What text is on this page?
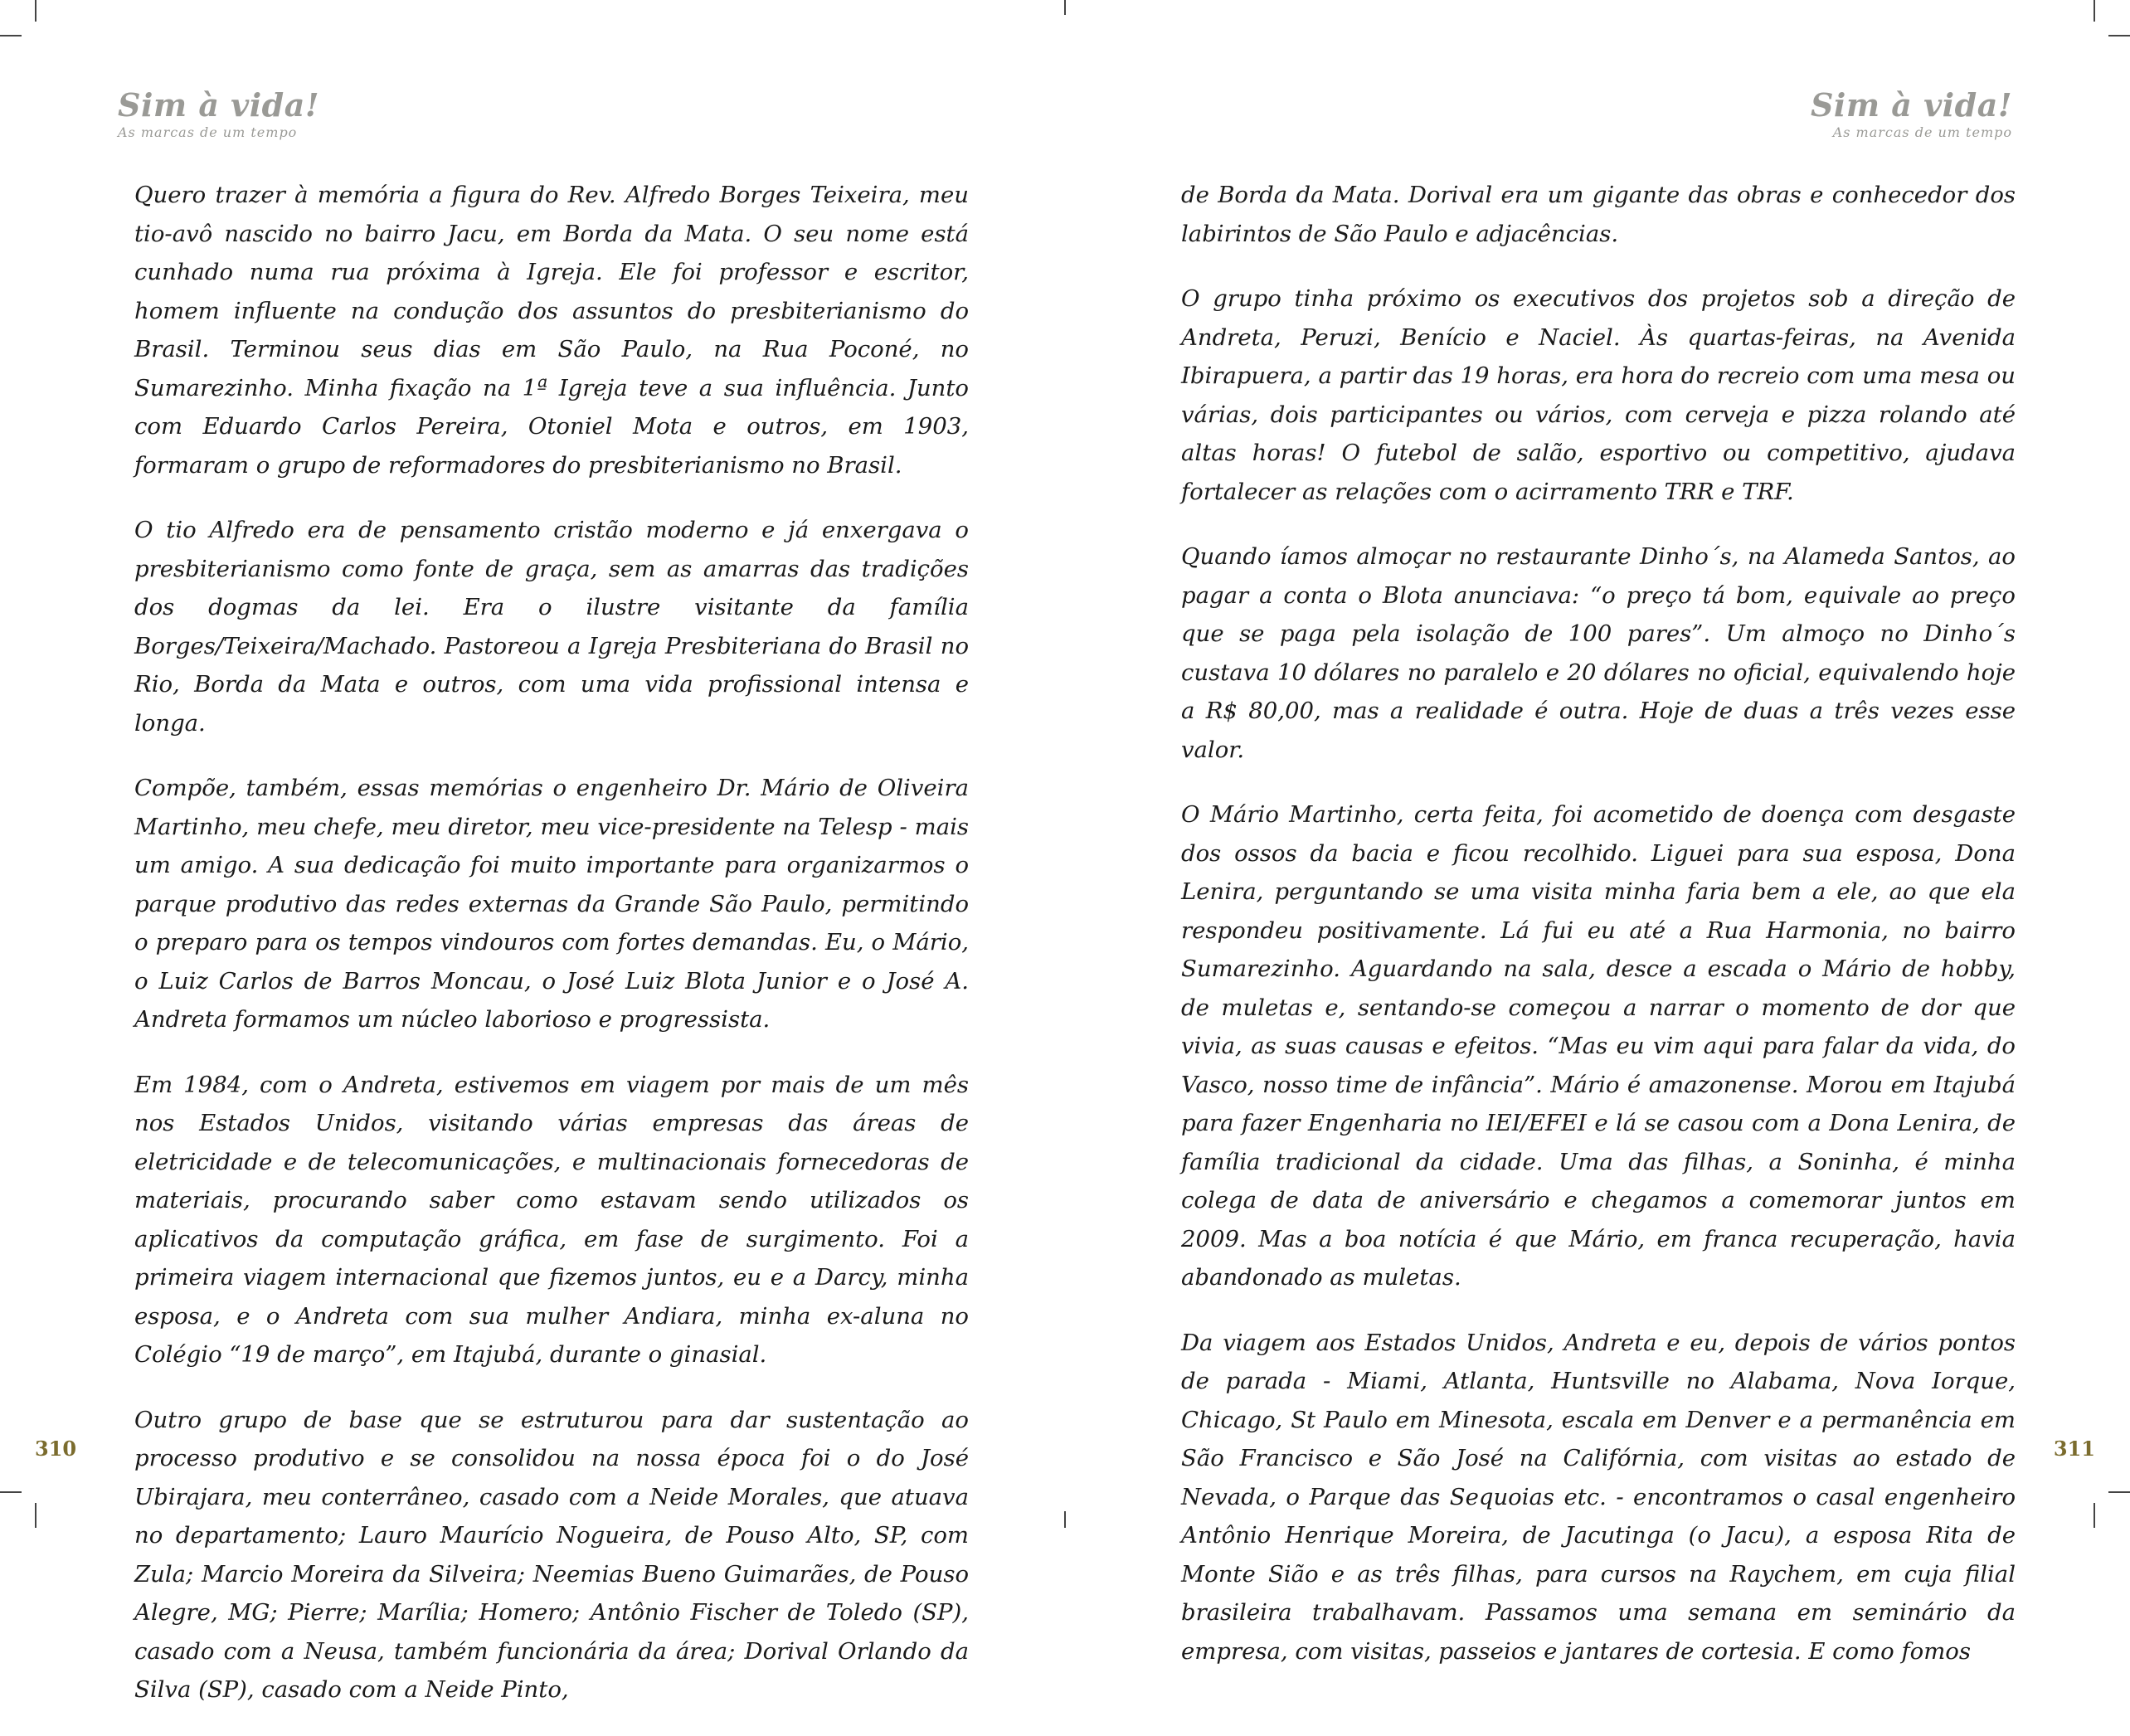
Sim à vida!
As marcas de um tempo

Quero trazer à memória a figura do Rev. Alfredo Borges Teixeira, meu tio-avô nascido no bairro Jacu, em Borda da Mata. O seu nome está cunhado numa rua próxima à Igreja. Ele foi professor e escritor, homem influente na condução dos assuntos do presbiterianismo do Brasil. Terminou seus dias em São Paulo, na Rua Poconé, no Sumarezinho. Minha fixação na 1ª Igreja teve a sua influência. Junto com Eduardo Carlos Pereira, Otoniel Mota e outros, em 1903, formaram o grupo de reformadores do presbiterianismo no Brasil.

O tio Alfredo era de pensamento cristão moderno e já enxergava o presbiterianismo como fonte de graça, sem as amarras das tradições dos dogmas da lei. Era o ilustre visitante da família Borges/Teixeira/Machado. Pastoreou a Igreja Presbiteriana do Brasil no Rio, Borda da Mata e outros, com uma vida profissional intensa e longa.

Compõe, também, essas memórias o engenheiro Dr. Mário de Oliveira Martinho, meu chefe, meu diretor, meu vice-presidente na Telesp - mais um amigo. A sua dedicação foi muito importante para organizarmos o parque produtivo das redes externas da Grande São Paulo, permitindo o preparo para os tempos vindouros com fortes demandas. Eu, o Mário, o Luiz Carlos de Barros Moncau, o José Luiz Blota Junior e o José A. Andreta formamos um núcleo laborioso e progressista.

Em 1984, com o Andreta, estivemos em viagem por mais de um mês nos Estados Unidos, visitando várias empresas das áreas de eletricidade e de telecomunicações, e multinacionais fornecedoras de materiais, procurando saber como estavam sendo utilizados os aplicativos da computação gráfica, em fase de surgimento. Foi a primeira viagem internacional que fizemos juntos, eu e a Darcy, minha esposa, e o Andreta com sua mulher Andiara, minha ex-aluna no Colégio “19 de março”, em Itajubá, durante o ginasial.

Outro grupo de base que se estruturou para dar sustentação ao processo produtivo e se consolidou na nossa época foi o do José Ubirajara, meu conterrâneo, casado com a Neide Morales, que atuava no departamento; Lauro Maurício Nogueira, de Pouso Alto, SP, com Zula; Marcio Moreira da Silveira; Neemias Bueno Guimarães, de Pouso Alegre, MG; Pierre; Marília; Homero; Antônio Fischer de Toledo (SP), casado com a Neusa, também funcionária da área; Dorival Orlando da Silva (SP), casado com a Neide Pinto,

310
Sim à vida!
As marcas de um tempo

de Borda da Mata. Dorival era um gigante das obras e conhecedor dos labirintos de São Paulo e adjacências.

O grupo tinha próximo os executivos dos projetos sob a direção de Andreta, Peruzi, Benício e Naciel. Às quartas-feiras, na Avenida Ibirapuera, a partir das 19 horas, era hora do recreio com uma mesa ou várias, dois participantes ou vários, com cerveja e pizza rolando até altas horas! O futebol de salão, esportivo ou competitivo, ajudava fortalecer as relações com o acirramento TRR e TRF.

Quando íamos almoçar no restaurante Dinho´s, na Alameda Santos, ao pagar a conta o Blota anunciava: “o preço tá bom, equivale ao preço que se paga pela isolação de 100 pares”. Um almoço no Dinho´s custava 10 dólares no paralelo e 20 dólares no oficial, equivalendo hoje a R$ 80,00, mas a realidade é outra. Hoje de duas a três vezes esse valor.

O Mário Martinho, certa feita, foi acometido de doença com desgaste dos ossos da bacia e ficou recolhido. Liguei para sua esposa, Dona Lenira, perguntando se uma visita minha faria bem a ele, ao que ela respondeu positivamente. Lá fui eu até a Rua Harmonia, no bairro Sumarezinho. Aguardando na sala, desce a escada o Mário de hobby, de muletas e, sentando-se começou a narrar o momento de dor que vivia, as suas causas e efeitos. “Mas eu vim aqui para falar da vida, do Vasco, nosso time de infância”. Mário é amazonense. Morou em Itajubá para fazer Engenharia no IEI/EFEI e lá se casou com a Dona Lenira, de família tradicional da cidade. Uma das filhas, a Soninha, é minha colega de data de aniversário e chegamos a comemorar juntos em 2009. Mas a boa notícia é que Mário, em franca recuperação, havia abandonado as muletas.

Da viagem aos Estados Unidos, Andreta e eu, depois de vários pontos de parada - Miami, Atlanta, Huntsville no Alabama, Nova Iorque, Chicago, St Paulo em Minesota, escala em Denver e a permanência em São Francisco e São José na Califórnia, com visitas ao estado de Nevada, o Parque das Sequoias etc. - encontramos o casal engenheiro Antônio Henrique Moreira, de Jacutinga (o Jacu), a esposa Rita de Monte Sião e as três filhas, para cursos na Raychem, em cuja filial brasileira trabalhavam. Passamos uma semana em seminário da empresa, com visitas, passeios e jantares de cortesia. E como fomos

311
